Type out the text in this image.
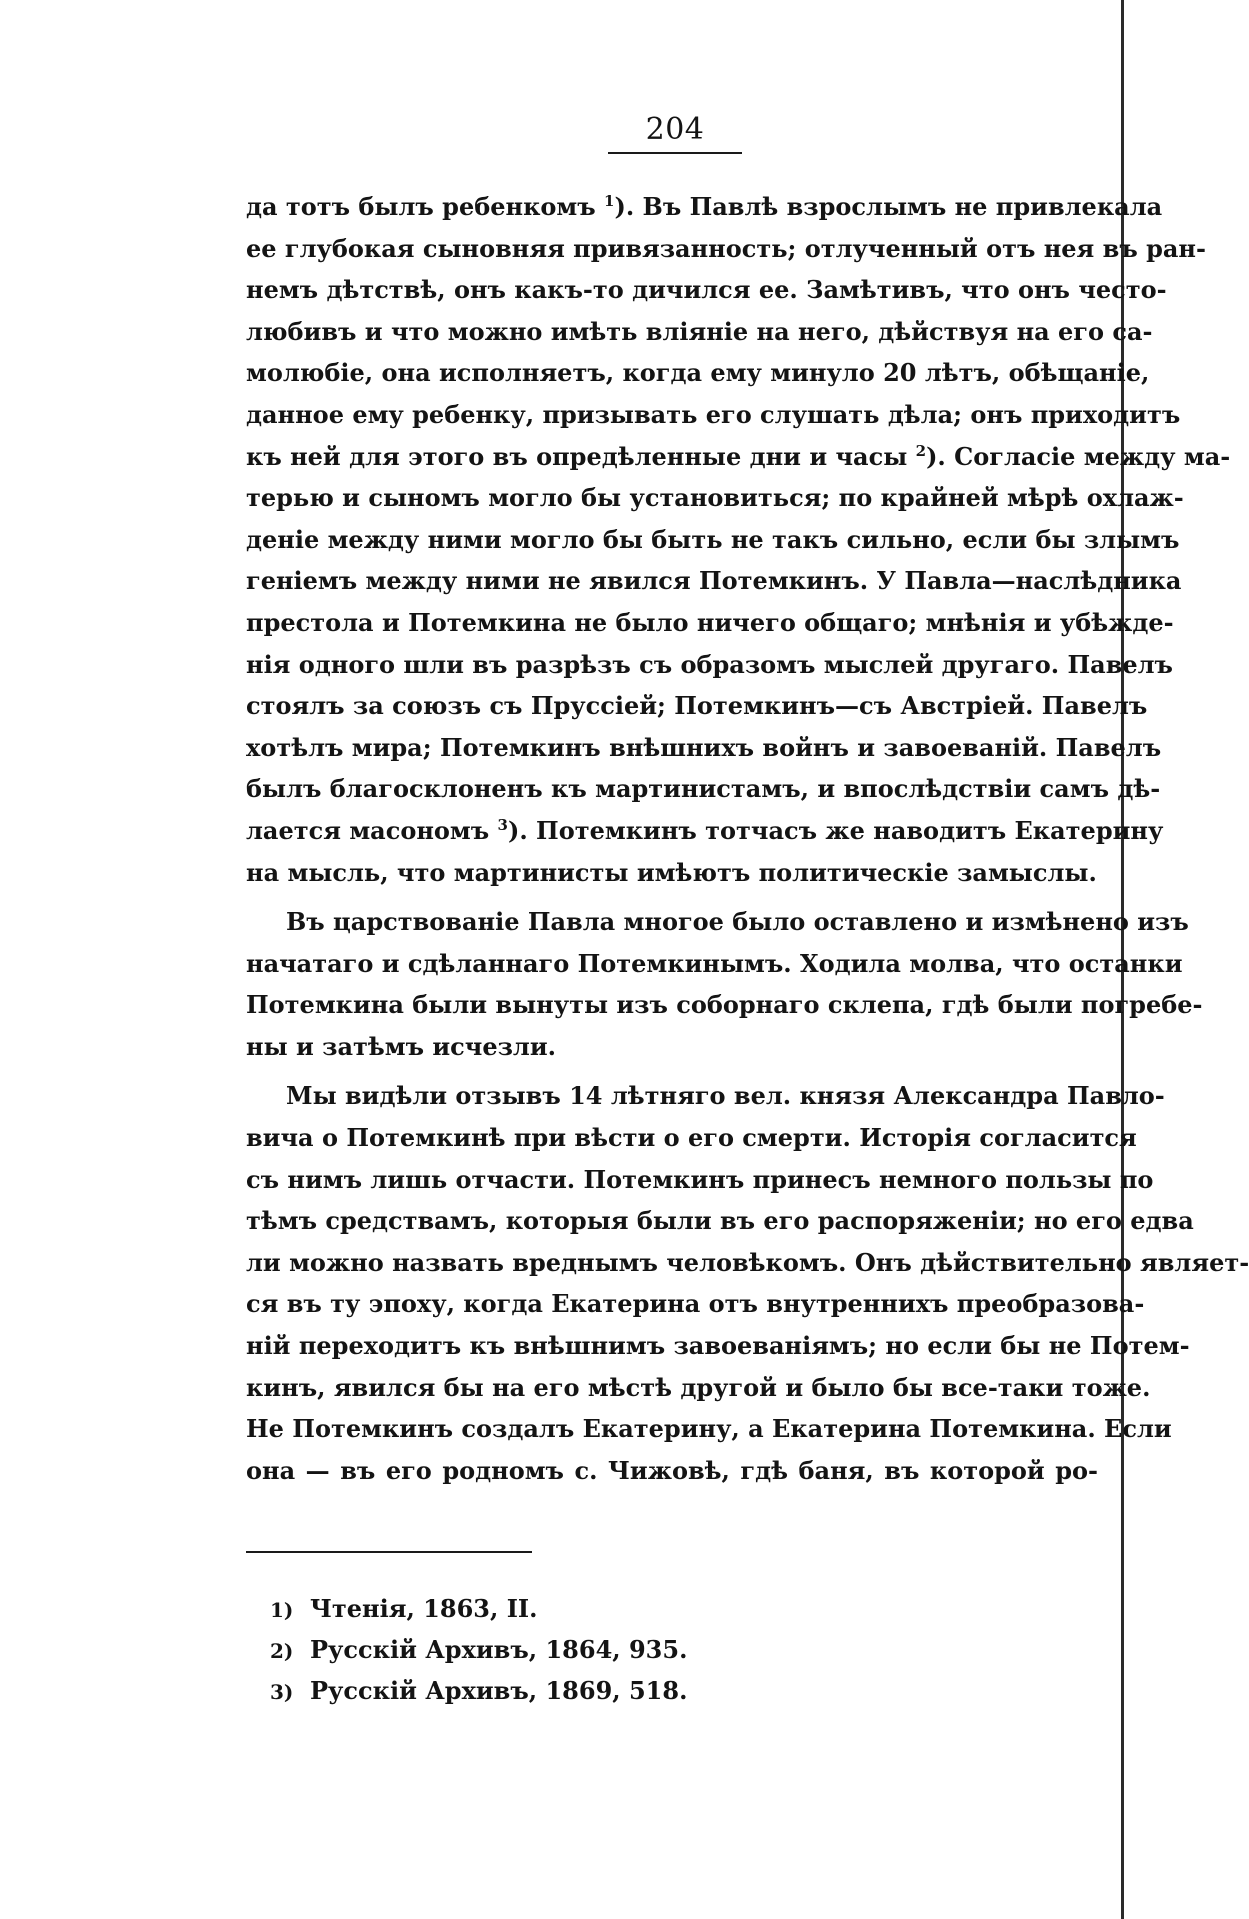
204
да тотъ былъ ребенкомъ $^1$). Въ Павлѣ взрослымъ не привлекала
ее глубокая сыновняя привязанность; отлученный отъ нея въ ран-
немъ дѣтствѣ, онъ какъ-то дичился ее. Замѣтивъ, что онъ често-
любивъ и что можно имѣть вліяніе на него, дѣйствуя на его са-
молюбіе, она исполняетъ, когда ему минуло 20 лѣтъ, обѣщаніе,
данное ему ребенку, призывать его слушать дѣла; онъ приходитъ
къ ней для этого въ опредѣленные дни и часы $^2$). Согласіе между ма-
терью и сыномъ могло бы установиться; по крайней мѣрѣ охлаж-
деніе между ними могло бы быть не такъ сильно, если бы злымъ
геніемъ между ними не явился Потемкинъ. У Павла—наслѣдника
престола и Потемкина не было ничего общаго; мнѣнія и убѣжде-
нія одного шли въ разрѣзъ съ образомъ мыслей другаго. Павелъ
стоялъ за союзъ съ Пруссіей; Потемкинъ—съ Австріей. Павелъ
хотѣлъ мира; Потемкинъ внѣшнихъ войнъ и завоеваній. Павелъ
былъ благосклоненъ къ мартинистамъ, и впослѣдствіи самъ дѣ-
лается масономъ $^3$). Потемкинъ тотчасъ же наводитъ Екатерину
на мысль, что мартинисты имѣютъ политическіе замыслы.
Въ царствованіе Павла многое было оставлено и измѣнено изъ
начатаго и сдѣланнаго Потемкинымъ. Ходила молва, что останки
Потемкина были вынуты изъ соборнаго склепа, гдѣ были погребе-
ны и затѣмъ исчезли.
Мы видѣли отзывъ 14 лѣтняго вел. князя Александра Павло-
вича о Потемкинѣ при вѣсти о его смерти. Исторія согласится
съ нимъ лишь отчасти. Потемкинъ принесъ немного пользы по
тѣмъ средствамъ, которыя были въ его распоряженіи; но его едва
ли можно назвать вреднымъ человѣкомъ. Онъ дѣйствительно являет-
ся въ ту эпоху, когда Екатерина отъ внутреннихъ преобразова-
ній переходитъ къ внѣшнимъ завоеваніямъ; но если бы не Потем-
кинъ, явился бы на его мѣстѣ другой и было бы все-таки тоже.
Не Потемкинъ создалъ Екатерину, а Екатерина Потемкина. Если
она — въ его родномъ с. Чижовѣ, гдѣ баня, въ которой ро-
1) Чтенія, 1863, II.
2) Русскій Архивъ, 1864, 935.
3) Русскій Архивъ, 1869, 518.
